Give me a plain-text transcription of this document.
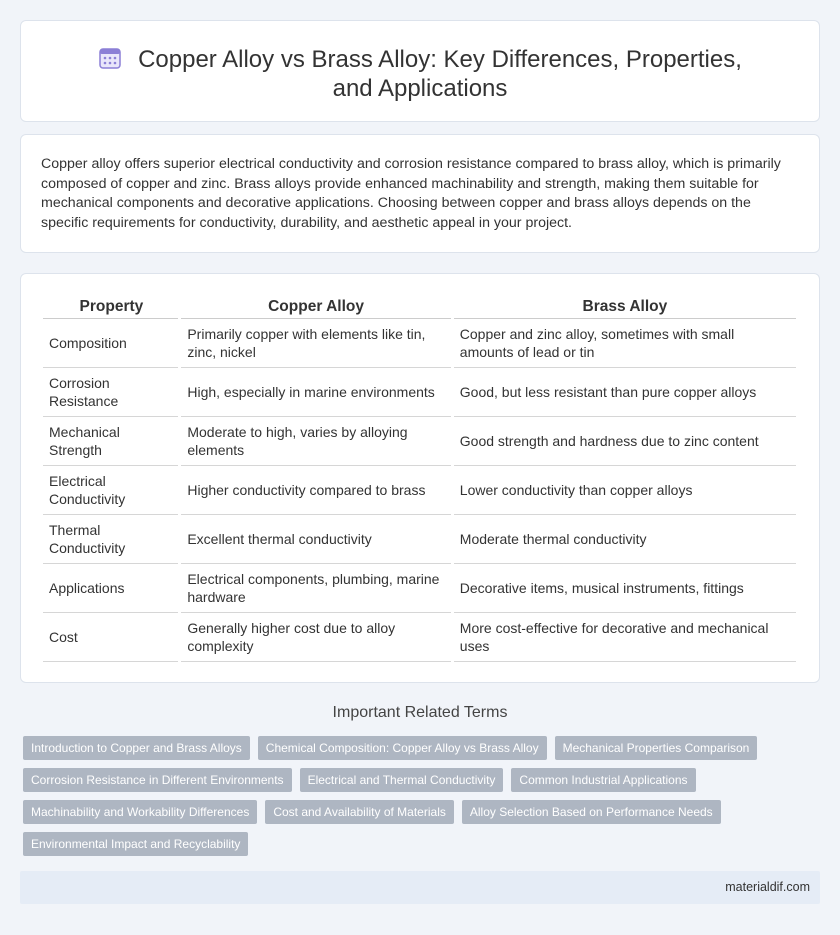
Copper Alloy vs Brass Alloy: Key Differences, Properties, and Applications

Copper alloy offers superior electrical conductivity and corrosion resistance compared to brass alloy, which is primarily composed of copper and zinc. Brass alloys provide enhanced machinability and strength, making them suitable for mechanical components and decorative applications. Choosing between copper and brass alloys depends on the specific requirements for conductivity, durability, and aesthetic appeal in your project.

Property	Copper Alloy	Brass Alloy
Composition	Primarily copper with elements like tin, zinc, nickel	Copper and zinc alloy, sometimes with small amounts of lead or tin
Corrosion Resistance	High, especially in marine environments	Good, but less resistant than pure copper alloys
Mechanical Strength	Moderate to high, varies by alloying elements	Good strength and hardness due to zinc content
Electrical Conductivity	Higher conductivity compared to brass	Lower conductivity than copper alloys
Thermal Conductivity	Excellent thermal conductivity	Moderate thermal conductivity
Applications	Electrical components, plumbing, marine hardware	Decorative items, musical instruments, fittings
Cost	Generally higher cost due to alloy complexity	More cost-effective for decorative and mechanical uses
Important Related Terms
Introduction to Copper and Brass Alloys	Chemical Composition: Copper Alloy vs Brass Alloy	Mechanical Properties Comparison
Corrosion Resistance in Different Environments	Electrical and Thermal Conductivity	Common Industrial Applications
Machinability and Workability Differences	Cost and Availability of Materials	Alloy Selection Based on Performance Needs
Environmental Impact and Recyclability
materialdif.com
